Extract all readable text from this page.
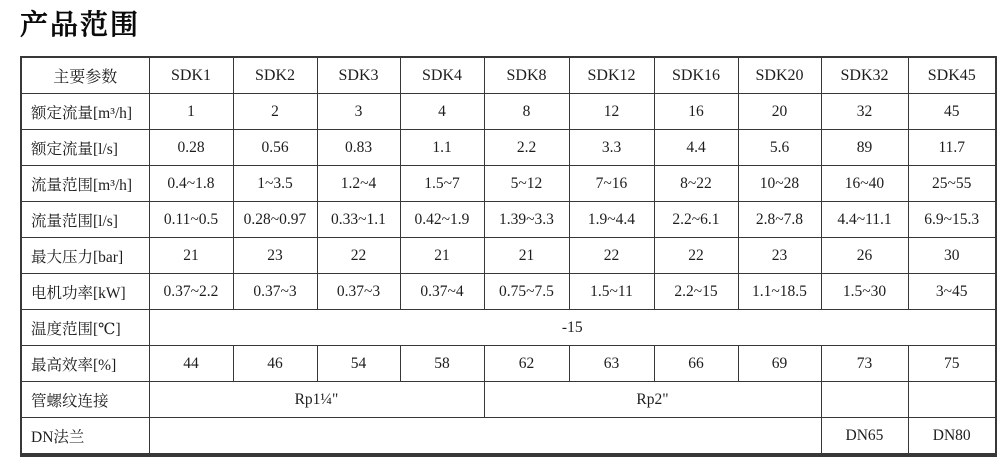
产品范围
主要参数	SDK1	SDK2	SDK3	SDK4	SDK8	SDK12	SDK16	SDK20	SDK32	SDK45
额定流量[m³/h]	1	2	3	4	8	12	16	20	32	45
额定流量[l/s]	0.28	0.56	0.83	1.1	2.2	3.3	4.4	5.6	89	11.7
流量范围[m³/h]	0.4~1.8	1~3.5	1.2~4	1.5~7	5~12	7~16	8~22	10~28	16~40	25~55
流量范围[l/s]	0.11~0.5	0.28~0.97	0.33~1.1	0.42~1.9	1.39~3.3	1.9~4.4	2.2~6.1	2.8~7.8	4.4~11.1	6.9~15.3
最大压力[bar]	21	23	22	21	21	22	22	23	26	30
电机功率[kW]	0.37~2.2	0.37~3	0.37~3	0.37~4	0.75~7.5	1.5~11	2.2~15	1.1~18.5	1.5~30	3~45
温度范围[℃]	-15									
最高效率[%]	44	46	54	58	62	63	66	69	73	75
管螺纹连接	Rp1¼"				Rp2"					
DN法兰									DN65	DN80
